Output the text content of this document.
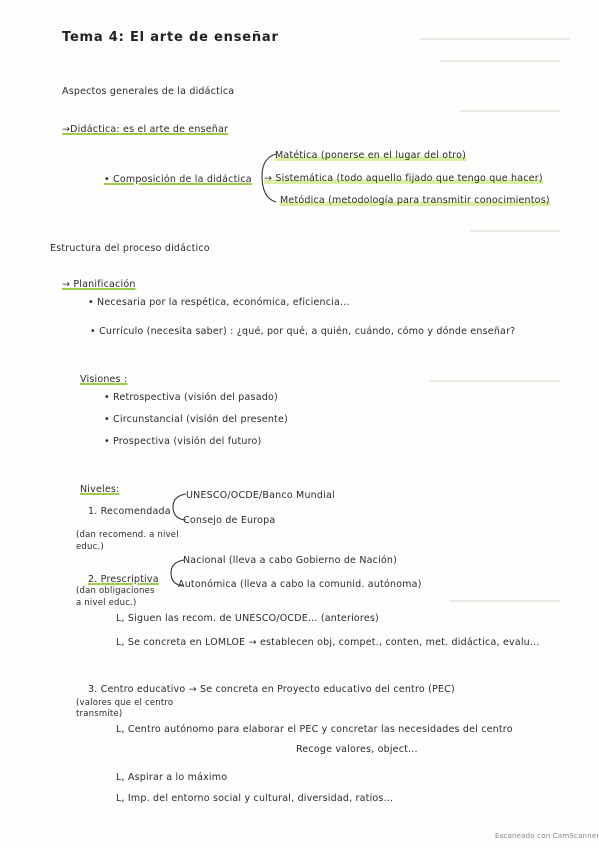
Tema 4: El arte de enseñar
Aspectos generales de la didáctica
→Didáctica: es el arte de enseñar
• Composición de la didáctica
Matética (ponerse en el lugar del otro)
→ Sistemática (todo aquello fijado que tengo que hacer)
Metódica (metodología para transmitir conocimientos)
Estructura del proceso didáctico
→ Planificación
• Necesaria por la respética, económica, eficiencia...
• Currículo (necesita saber) : ¿qué, por qué, a quién, cuándo, cómo y dónde enseñar?
Visiones :
• Retrospectiva (visión del pasado)
• Circunstancial (visión del presente)
• Prospectiva (visión del futuro)
Niveles:
1. Recomendada
UNESCO/OCDE/Banco Mundial
Consejo de Europa
(dan recomend. a nivel
educ.)
2. Prescriptiva
Nacional (lleva a cabo Gobierno de Nación)
Autonómica (lleva a cabo la comunid. autónoma)
(dan obligaciones
a nivel educ.)
L, Siguen las recom. de UNESCO/OCDE... (anteriores)
L, Se concreta en LOMLOE → establecen obj, compet., conten, met. didáctica, evalu...
3. Centro educativo → Se concreta en Proyecto educativo del centro (PEC)
(valores que el centro
transmite)
L, Centro autónomo para elaborar el PEC y concretar las necesidades del centro
Recoge valores, object...
L, Aspirar a lo máximo
L, Imp. del entorno social y cultural, diversidad, ratios...
Escaneado con CamScanner
